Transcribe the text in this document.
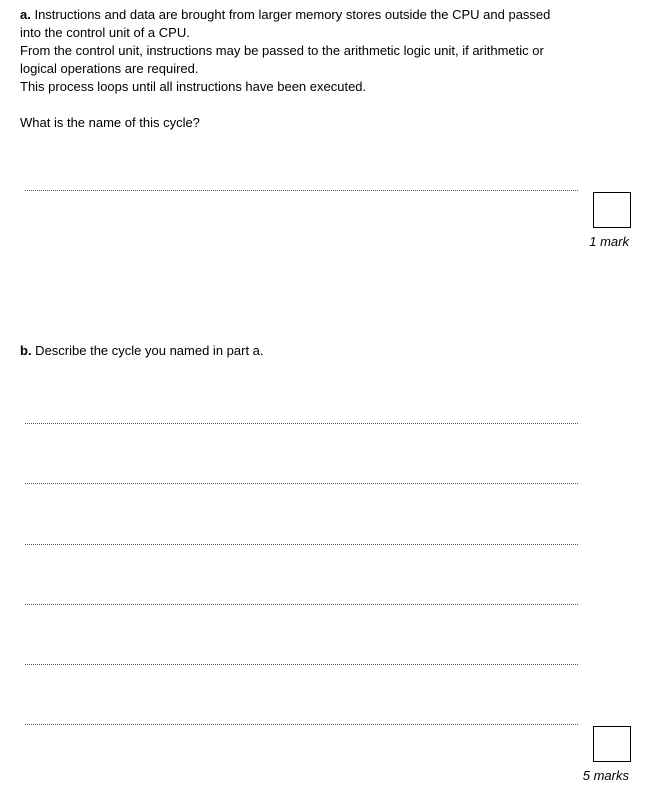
a. Instructions and data are brought from larger memory stores outside the CPU and passed
into the control unit of a CPU.
From the control unit, instructions may be passed to the arithmetic logic unit, if arithmetic or
logical operations are required.
This process loops until all instructions have been executed.
What is the name of this cycle?
1 mark
b. Describe the cycle you named in part a.
5 marks
